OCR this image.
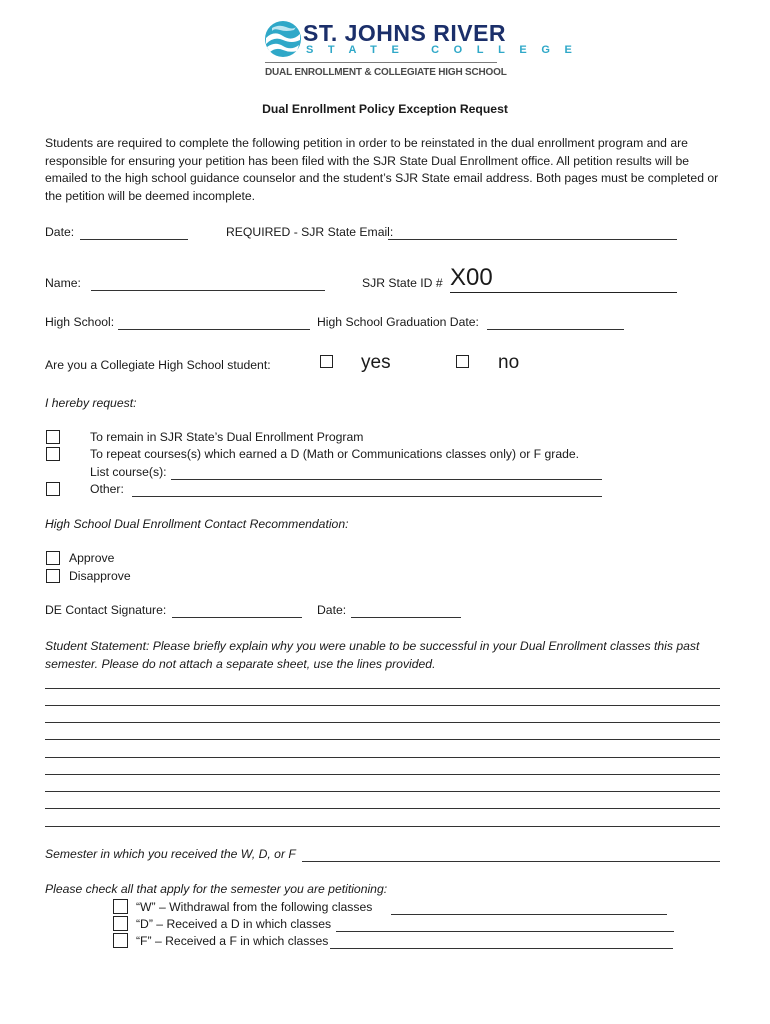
ST. JOHNS RIVER
STATE COLLEGE
DUAL ENROLLMENT & COLLEGIATE HIGH SCHOOL
Dual Enrollment Policy Exception Request
Students are required to complete the following petition in order to be reinstated in the dual enrollment program and are responsible for ensuring your petition has been filed with the SJR State Dual Enrollment office. All petition results will be emailed to the high school guidance counselor and the student’s SJR State email address. Both pages must be completed or the petition will be deemed incomplete.
Date:	REQUIRED - SJR State Email:
Name:	SJR State ID # X00
High School:	High School Graduation Date:
Are you a Collegiate High School student:	yes	no
I hereby request:
To remain in SJR State’s Dual Enrollment Program
To repeat courses(s) which earned a D (Math or Communications classes only) or F grade.
List course(s):
Other:
High School Dual Enrollment Contact Recommendation:
Approve
Disapprove
DE Contact Signature:	Date:
Student Statement: Please briefly explain why you were unable to be successful in your Dual Enrollment classes this past semester. Please do not attach a separate sheet, use the lines provided.
Semester in which you received the W, D, or F
Please check all that apply for the semester you are petitioning:
“W” – Withdrawal from the following classes
“D” – Received a D in which classes
“F” – Received a F in which classes
